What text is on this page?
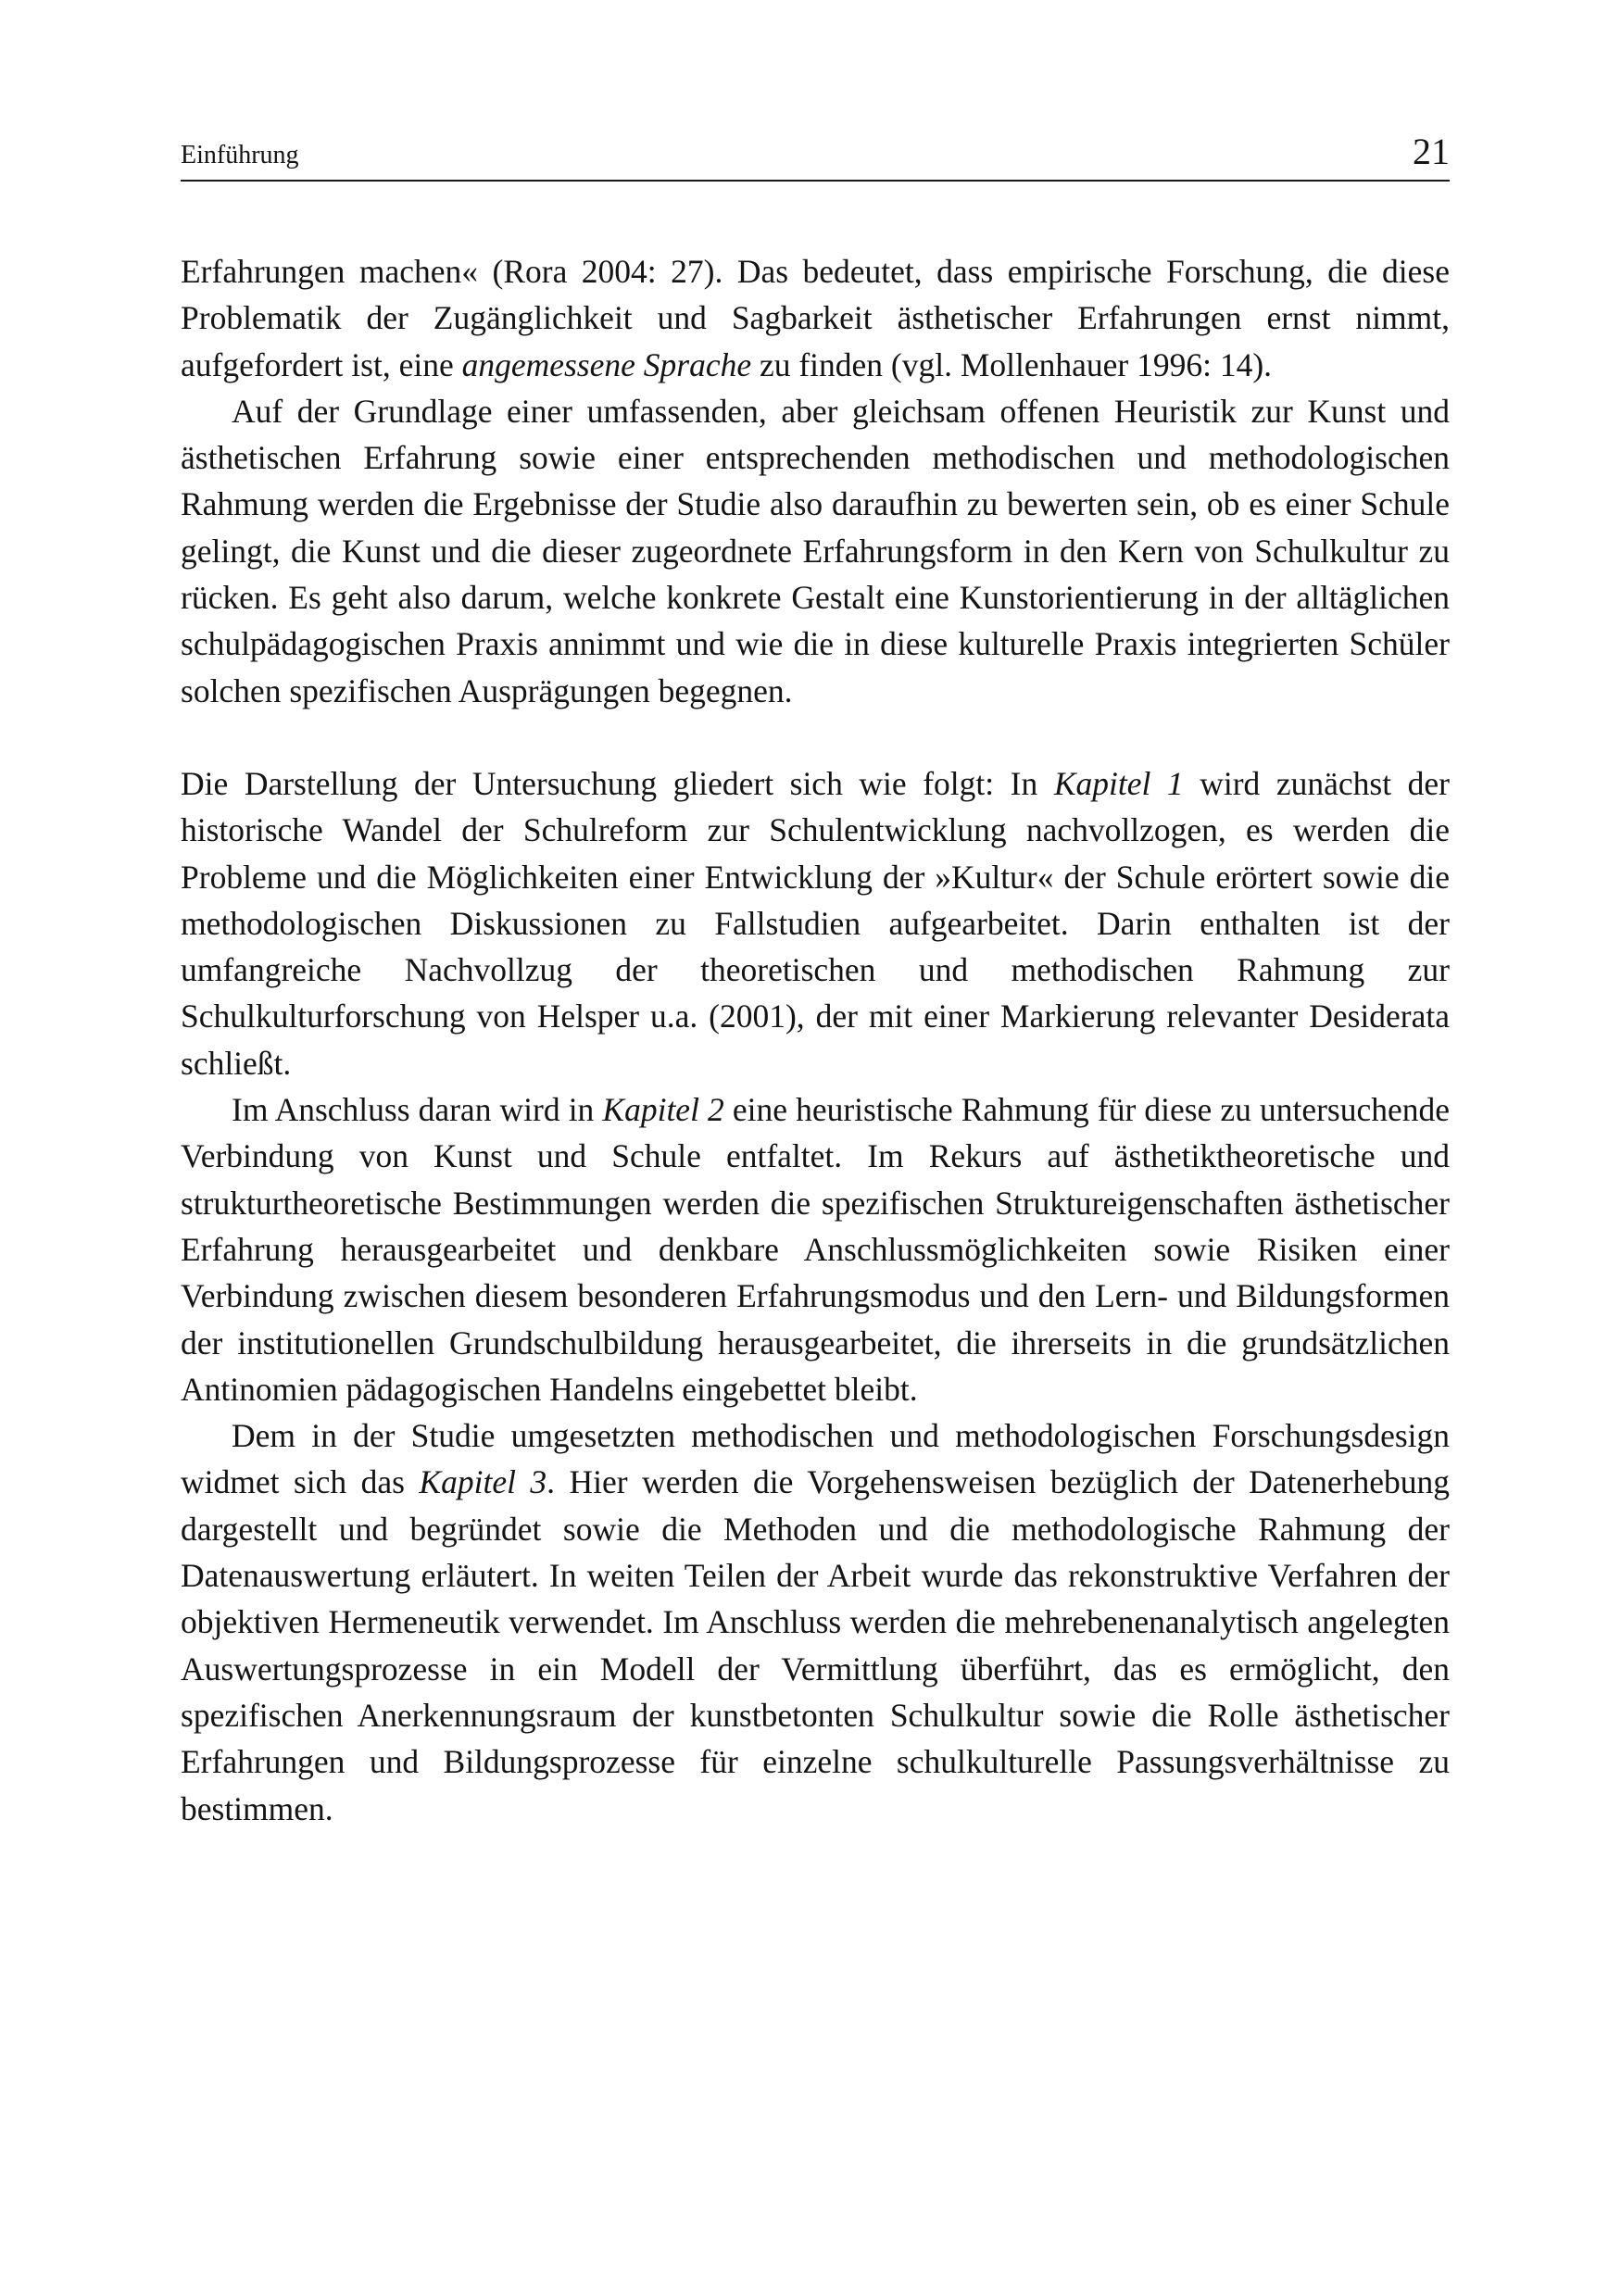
Einführung	21

Erfahrungen machen« (Rora 2004: 27). Das bedeutet, dass empirische Forschung, die diese Problematik der Zugänglichkeit und Sagbarkeit ästhetischer Erfahrungen ernst nimmt, aufgefordert ist, eine angemessene Sprache zu finden (vgl. Mollenhauer 1996: 14).

Auf der Grundlage einer umfassenden, aber gleichsam offenen Heuristik zur Kunst und ästhetischen Erfahrung sowie einer entsprechenden methodischen und methodologischen Rahmung werden die Ergebnisse der Studie also daraufhin zu bewerten sein, ob es einer Schule gelingt, die Kunst und die dieser zugeordnete Erfahrungsform in den Kern von Schulkultur zu rücken. Es geht also darum, welche konkrete Gestalt eine Kunstorientierung in der alltäglichen schulpädagogischen Praxis annimmt und wie die in diese kulturelle Praxis integrierten Schüler solchen spezifischen Ausprägungen begegnen.

Die Darstellung der Untersuchung gliedert sich wie folgt: In Kapitel 1 wird zunächst der historische Wandel der Schulreform zur Schulentwicklung nachvollzogen, es werden die Probleme und die Möglichkeiten einer Entwicklung der »Kultur« der Schule erörtert sowie die methodologischen Diskussionen zu Fallstudien aufgearbeitet. Darin enthalten ist der umfangreiche Nachvollzug der theoretischen und methodischen Rahmung zur Schulkulturforschung von Helsper u.a. (2001), der mit einer Markierung relevanter Desiderata schließt.

Im Anschluss daran wird in Kapitel 2 eine heuristische Rahmung für diese zu untersuchende Verbindung von Kunst und Schule entfaltet. Im Rekurs auf ästhetiktheoretische und strukturtheoretische Bestimmungen werden die spezifischen Struktureigenschaften ästhetischer Erfahrung herausgearbeitet und denkbare Anschlussmöglichkeiten sowie Risiken einer Verbindung zwischen diesem besonderen Erfahrungsmodus und den Lern- und Bildungsformen der institutionellen Grundschulbildung herausgearbeitet, die ihrerseits in die grundsätzlichen Antinomien pädagogischen Handelns eingebettet bleibt.

Dem in der Studie umgesetzten methodischen und methodologischen Forschungsdesign widmet sich das Kapitel 3. Hier werden die Vorgehensweisen bezüglich der Datenerhebung dargestellt und begründet sowie die Methoden und die methodologische Rahmung der Datenauswertung erläutert. In weiten Teilen der Arbeit wurde das rekonstruktive Verfahren der objektiven Hermeneutik verwendet. Im Anschluss werden die mehrebenenanalytisch angelegten Auswertungsprozesse in ein Modell der Vermittlung überführt, das es ermöglicht, den spezifischen Anerkennungsraum der kunstbetonten Schulkultur sowie die Rolle ästhetischer Erfahrungen und Bildungsprozesse für einzelne schulkulturelle Passungsverhältnisse zu bestimmen.
